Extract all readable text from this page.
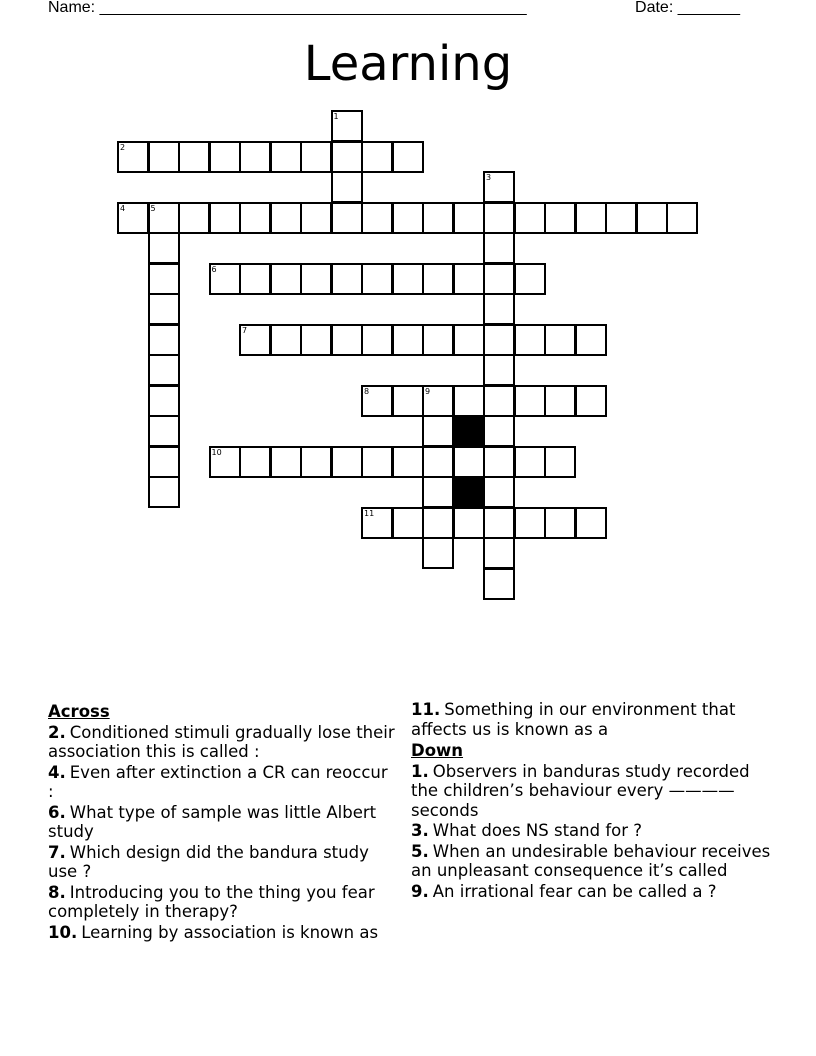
Name: ________________________________________________	Date: _______
Learning
1
2
3
4	5
6
7
8	9
10
11
Across
2. Conditioned stimuli gradually lose their association this is called :
4. Even after extinction a CR can reoccur :
6. What type of sample was little Albert study
7. Which design did the bandura study use ?
8. Introducing you to the thing you fear completely in therapy?
10. Learning by association is known as
11. Something in our environment that affects us is known as a
Down
1. Observers in banduras study recorded the children’s behaviour every ———— seconds
3. What does NS stand for ?
5. When an undesirable behaviour receives an unpleasant consequence it’s called
9. An irrational fear can be called a ?
